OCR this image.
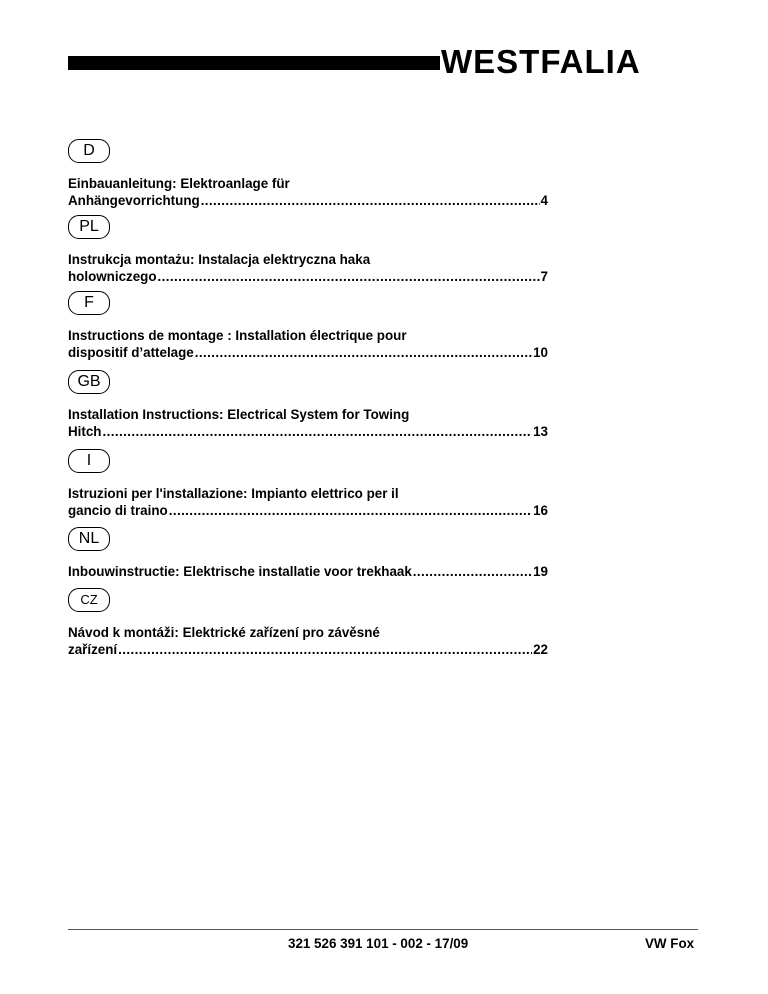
WESTFALIA
D
Einbauanleitung: Elektroanlage für
Anhängevorrichtung .....	4
PL
Instrukcja montażu: Instalacja elektryczna haka
holowniczego .....	7
F
Instructions de montage : Installation électrique pour
dispositif d’attelage .....	10
GB
Installation Instructions: Electrical System for Towing
Hitch .....	13
I
Istruzioni per l'installazione: Impianto elettrico per il
gancio di traino .....	16
NL
Inbouwinstructie: Elektrische installatie voor trekhaak .....	19
CZ
Návod k montáži: Elektrické zařízení pro závěsné
zařízení .....	22
321 526 391 101 - 002 - 17/09	VW Fox
